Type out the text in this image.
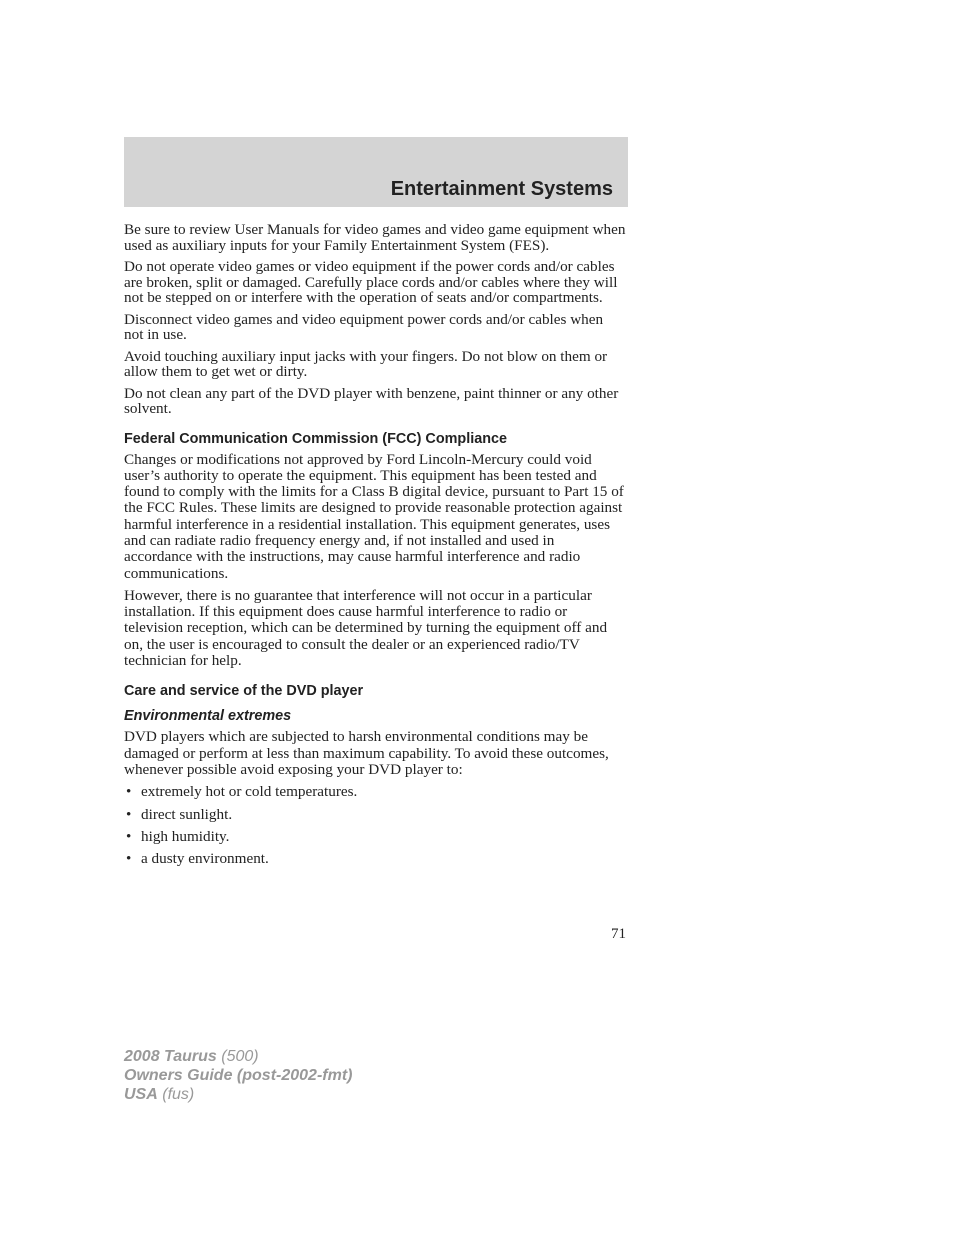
Entertainment Systems

Be sure to review User Manuals for video games and video game equipment when used as auxiliary inputs for your Family Entertainment System (FES).

Do not operate video games or video equipment if the power cords and/or cables are broken, split or damaged. Carefully place cords and/or cables where they will not be stepped on or interfere with the operation of seats and/or compartments.

Disconnect video games and video equipment power cords and/or cables when not in use.

Avoid touching auxiliary input jacks with your fingers. Do not blow on them or allow them to get wet or dirty.

Do not clean any part of the DVD player with benzene, paint thinner or any other solvent.

Federal Communication Commission (FCC) Compliance

Changes or modifications not approved by Ford Lincoln-Mercury could void user’s authority to operate the equipment. This equipment has been tested and found to comply with the limits for a Class B digital device, pursuant to Part 15 of the FCC Rules. These limits are designed to provide reasonable protection against harmful interference in a residential installation. This equipment generates, uses and can radiate radio frequency energy and, if not installed and used in accordance with the instructions, may cause harmful interference and radio communications.

However, there is no guarantee that interference will not occur in a particular installation. If this equipment does cause harmful interference to radio or television reception, which can be determined by turning the equipment off and on, the user is encouraged to consult the dealer or an experienced radio/TV technician for help.

Care and service of the DVD player
Environmental extremes

DVD players which are subjected to harsh environmental conditions may be damaged or perform at less than maximum capability. To avoid these outcomes, whenever possible avoid exposing your DVD player to:

• extremely hot or cold temperatures.
• direct sunlight.
• high humidity.
• a dusty environment.
71
2008 Taurus (500)
Owners Guide (post-2002-fmt)
USA (fus)
